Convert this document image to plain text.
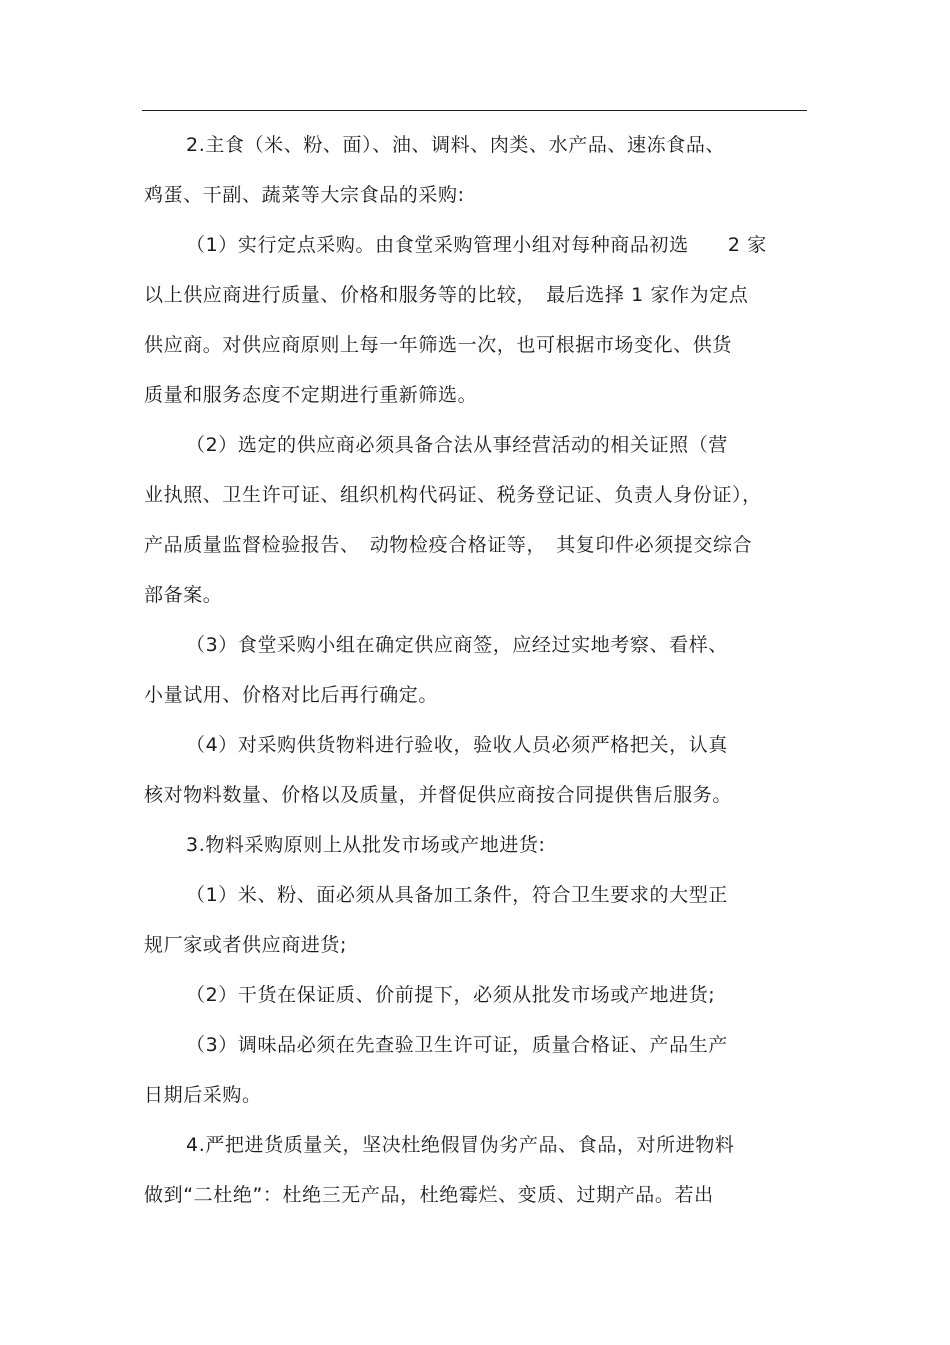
2.主食（米、粉、面）、油、调料、肉类、水产品、速冻食品、
鸡蛋、干副、蔬菜等大宗食品的采购:
（1）实行定点采购。由食堂采购管理小组对每种商品初选　　2 家
以上供应商进行质量、价格和服务等的比较，　最后选择 1 家作为定点
供应商。对供应商原则上每一年筛选一次，也可根据市场变化、供货
质量和服务态度不定期进行重新筛选。
（2）选定的供应商必须具备合法从事经营活动的相关证照（营
业执照、卫生许可证、组织机构代码证、税务登记证、负责人身份证），
产品质量监督检验报告、　动物检疫合格证等，　其复印件必须提交综合
部备案。
（3）食堂采购小组在确定供应商签，应经过实地考察、看样、
小量试用、价格对比后再行确定。
（4）对采购供货物料进行验收，验收人员必须严格把关，认真
核对物料数量、价格以及质量，并督促供应商按合同提供售后服务。
3.物料采购原则上从批发市场或产地进货:
（1）米、粉、面必须从具备加工条件，符合卫生要求的大型正
规厂家或者供应商进货;
（2）干货在保证质、价前提下，必须从批发市场或产地进货;
（3）调味品必须在先查验卫生许可证，质量合格证、产品生产
日期后采购。
4.严把进货质量关，坚决杜绝假冒伪劣产品、食品，对所进物料
做到“二杜绝”：杜绝三无产品，杜绝霉烂、变质、过期产品。若出
